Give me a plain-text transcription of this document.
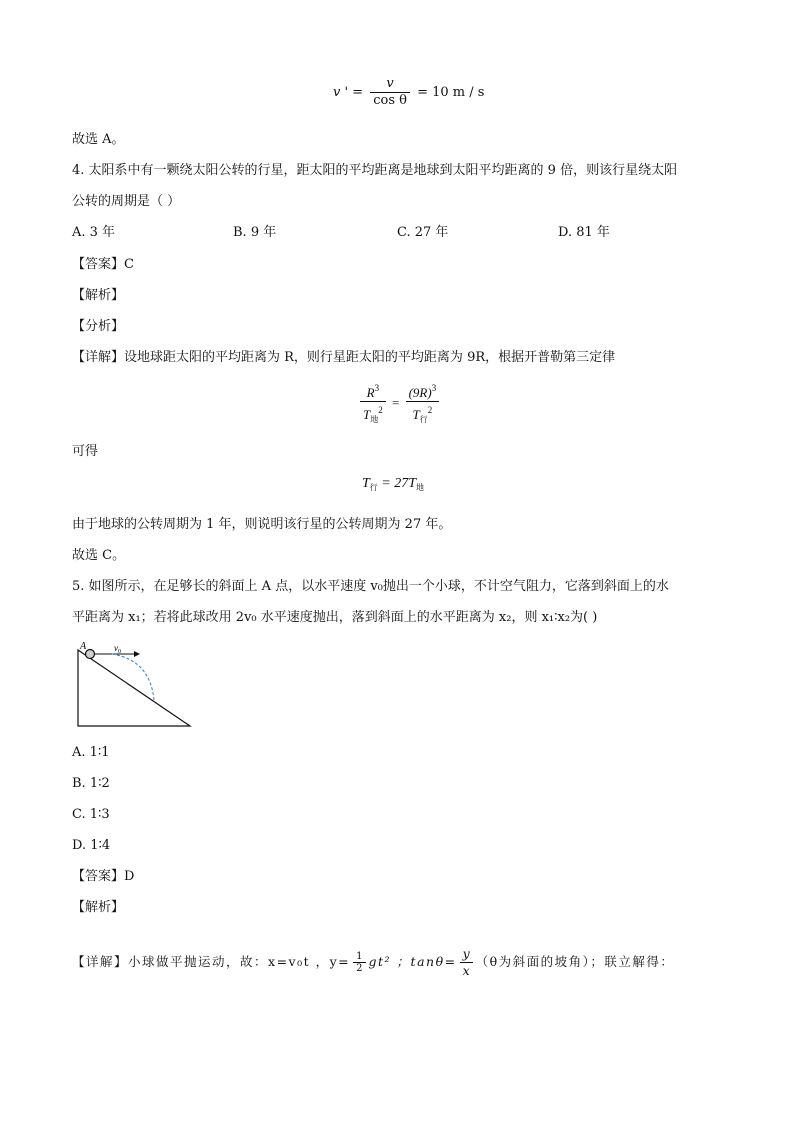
v ' = $\frac{v}{\text{cos θ}} = 10$ m / s
故选 A。
4. 太阳系中有一颗绕太阳公转的行星，距太阳的平均距离是地球到太阳平均距离的 9 倍，则该行星绕太阳
公转的周期是（ ）
A. 3 年	B. 9 年	C. 27 年	D. 81 年
【答案】C
【解析】
【分析】
【详解】设地球距太阳的平均距离为 R，则行星距太阳的平均距离为 9R，根据开普勒第三定律
$\frac{R^3}{T_地^2} = \frac{(9R)^3}{T_行^2}$
可得
$T_行 = 27T_地$
由于地球的公转周期为 1 年，则说明该行星的公转周期为 27 年。
故选 C。
5. 如图所示，在足够长的斜面上 A 点，以水平速度 v₀抛出一个小球，不计空气阻力，它落到斜面上的水
平距离为 x₁；若将此球改用 2v₀ 水平速度抛出，落到斜面上的水平距离为 x₂，则 x₁∶x₂为( )
A	$v_0$
A. 1∶1
B. 1∶2
C. 1∶3
D. 1∶4
【答案】D
【解析】
【详解】小球做平抛运动，故：x=v₀t ，$y= \frac{1}{2} gt^2$ ；$\tan\theta= \frac{y}{x} (\theta$为斜面的坡角）；联立解得：
